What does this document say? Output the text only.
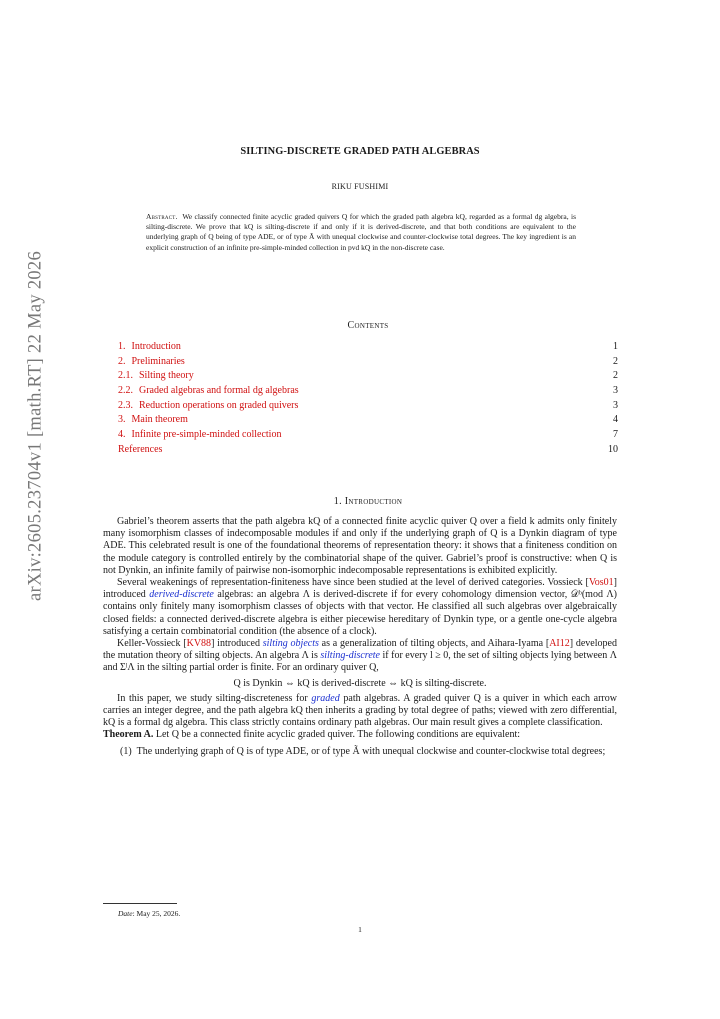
arXiv:2605.23704v1 [math.RT] 22 May 2026
SILTING-DISCRETE GRADED PATH ALGEBRAS
RIKU FUSHIMI
Abstract. We classify connected finite acyclic graded quivers Q for which the graded path algebra kQ, regarded as a formal dg algebra, is silting-discrete. We prove that kQ is silting-discrete if and only if it is derived-discrete, and that both conditions are equivalent to the underlying graph of Q being of type ADE, or of type Ã with unequal clockwise and counter-clockwise total degrees. The key ingredient is an explicit construction of an infinite pre-simple-minded collection in pvd kQ in the non-discrete case.
Contents
1. Introduction	1
2. Preliminaries	2
2.1. Silting theory	2
2.2. Graded algebras and formal dg algebras	3
2.3. Reduction operations on graded quivers	3
3. Main theorem	4
4. Infinite pre-simple-minded collection	7
References	10
1. Introduction

Gabriel’s theorem asserts that the path algebra kQ of a connected finite acyclic quiver Q over a field k admits only finitely many isomorphism classes of indecomposable modules if and only if the underlying graph of Q is a Dynkin diagram of type ADE. This celebrated result is one of the foundational theorems of representation theory: it shows that a finiteness condition on the module category is controlled entirely by the combinatorial shape of the quiver. Gabriel’s proof is constructive: when Q is not Dynkin, an infinite family of pairwise non-isomorphic indecomposable representations is exhibited explicitly.

Several weakenings of representation-finiteness have since been studied at the level of derived categories. Vossieck [Vos01] introduced derived-discrete algebras: an algebra Λ is derived-discrete if for every cohomology dimension vector, 𝒟ᵇ(mod Λ) contains only finitely many isomorphism classes of objects with that vector. He classified all such algebras over algebraically closed fields: a connected derived-discrete algebra is either piecewise hereditary of Dynkin type, or a gentle one-cycle algebra satisfying a certain combinatorial condition (the absence of a clock).

Keller-Vossieck [KV88] introduced silting objects as a generalization of tilting objects, and Aihara-Iyama [AI12] developed the mutation theory of silting objects. An algebra Λ is silting-discrete if for every l ≥ 0, the set of silting objects lying between Λ and ΣˡΛ in the silting partial order is finite. For an ordinary quiver Q,

Q is Dynkin ⇔ kQ is derived-discrete ⇔ kQ is silting-discrete.

In this paper, we study silting-discreteness for graded path algebras. A graded quiver Q is a quiver in which each arrow carries an integer degree, and the path algebra kQ then inherits a grading by total degree of paths; viewed with zero differential, kQ is a formal dg algebra. This class strictly contains ordinary path algebras. Our main result gives a complete classification.

Theorem A. Let Q be a connected finite acyclic graded quiver. The following conditions are equivalent:

(1) The underlying graph of Q is of type ADE, or of type Ã with unequal clockwise and counter-clockwise total degrees;

Date: May 25, 2026.
1
